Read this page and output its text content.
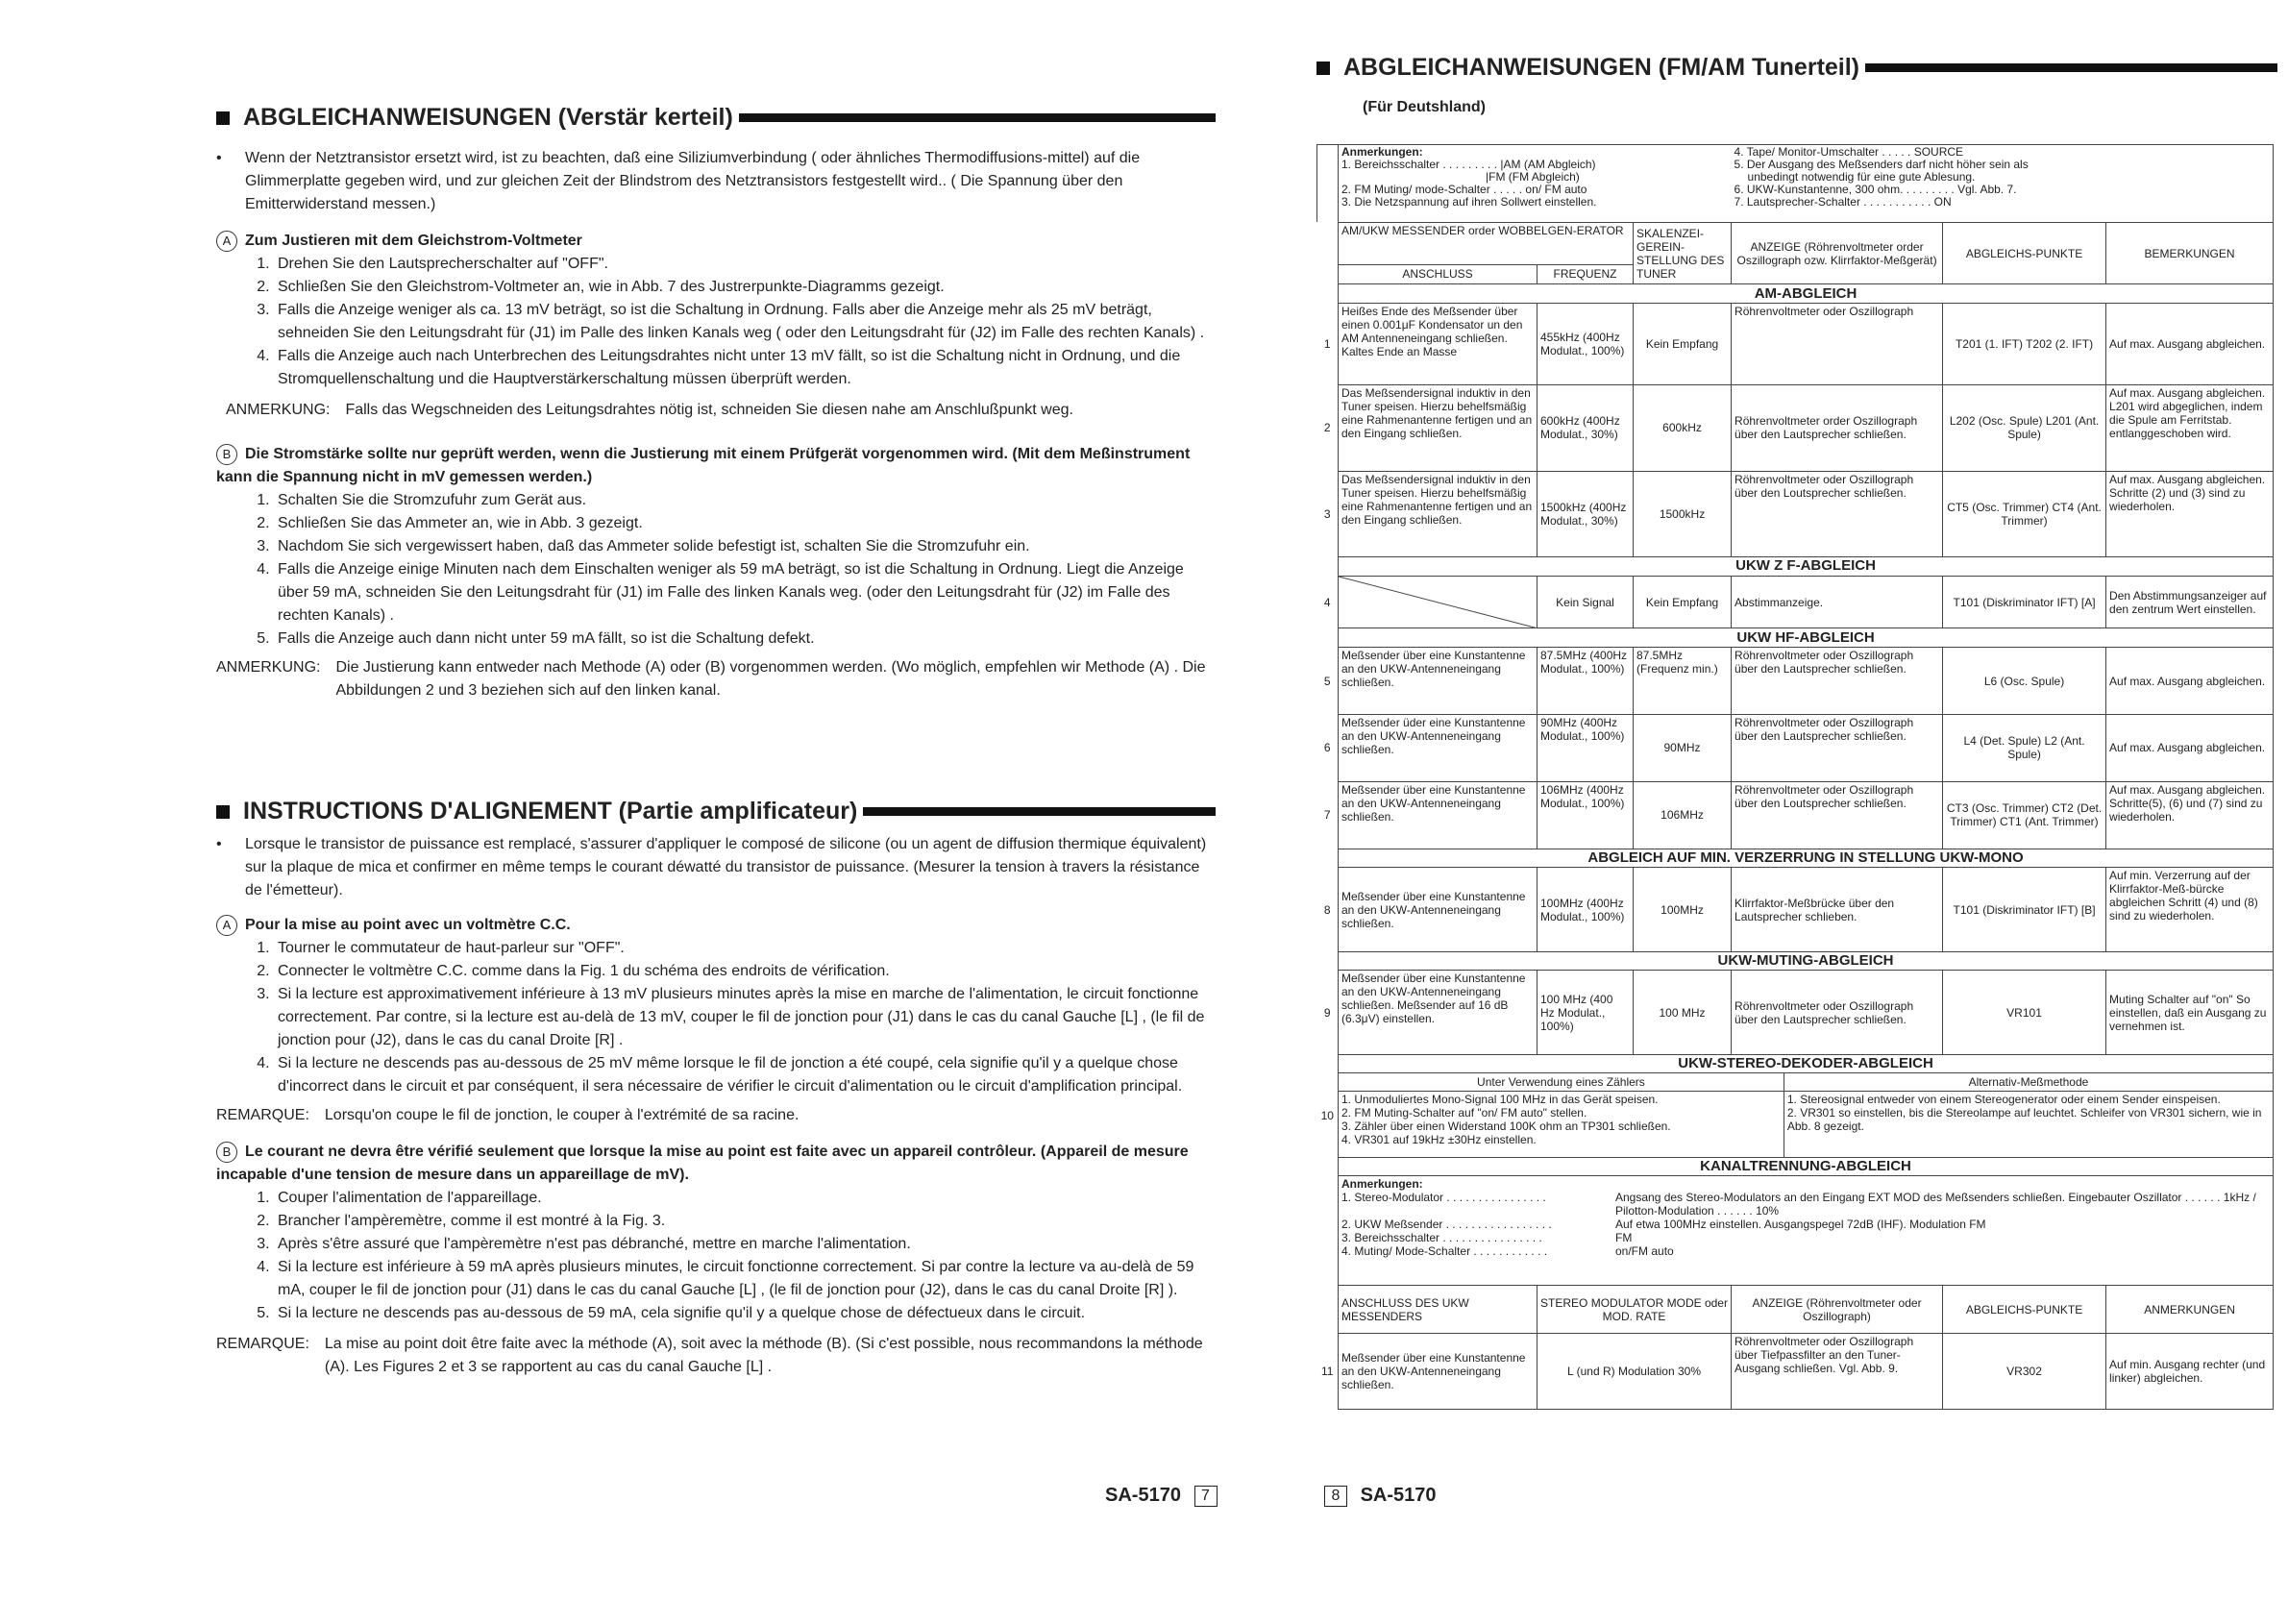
ABGLEICHANWEISUNGEN (Verstär kerteil)
• Wenn der Netztransistor ersetzt wird, ist zu beachten, daß eine Siliziumverbindung ( oder ähnliches Thermodiffusions-mittel) auf die Glimmerplatte gegeben wird, und zur gleichen Zeit der Blindstrom des Netztransistors festgestellt wird.. ( Die Spannung über den Emitterwiderstand messen.)
A Zum Justieren mit dem Gleichstrom-Voltmeter
1. Drehen Sie den Lautsprecherschalter auf "OFF".
2. Schließen Sie den Gleichstrom-Voltmeter an, wie in Abb. 7 des Justrerpunkte-Diagramms gezeigt.
3. Falls die Anzeige weniger als ca. 13 mV beträgt, so ist die Schaltung in Ordnung. Falls aber die Anzeige mehr als 25 mV beträgt, sehneiden Sie den Leitungsdraht für (J1) im Palle des linken Kanals weg ( oder den Leitungsdraht für (J2) im Falle des rechten Kanals) .
4. Falls die Anzeige auch nach Unterbrechen des Leitungsdrahtes nicht unter 13 mV fällt, so ist die Schaltung nicht in Ordnung, und die Stromquellenschaltung und die Hauptverstärkerschaltung müssen überprüft werden.
ANMERKUNG: Falls das Wegschneiden des Leitungsdrahtes nötig ist, schneiden Sie diesen nahe am Anschlußpunkt weg.
B Die Stromstärke sollte nur geprüft werden, wenn die Justierung mit einem Prüfgerät vorgenommen wird. (Mit dem Meßinstrument kann die Spannung nicht in mV gemessen werden.)
1. Schalten Sie die Stromzufuhr zum Gerät aus.
2. Schließen Sie das Ammeter an, wie in Abb. 3 gezeigt.
3. Nachdom Sie sich vergewissert haben, daß das Ammeter solide befestigt ist, schalten Sie die Stromzufuhr ein.
4. Falls die Anzeige einige Minuten nach dem Einschalten weniger als 59 mA beträgt, so ist die Schaltung in Ordnung. Liegt die Anzeige über 59 mA, schneiden Sie den Leitungsdraht für (J1) im Falle des linken Kanals weg. (oder den Leitungsdraht für (J2) im Falle des rechten Kanals) .
5. Falls die Anzeige auch dann nicht unter 59 mA fällt, so ist die Schaltung defekt.
ANMERKUNG: Die Justierung kann entweder nach Methode (A) oder (B) vorgenommen werden. (Wo möglich, empfehlen wir Methode (A) . Die Abbildungen 2 und 3 beziehen sich auf den linken kanal.
INSTRUCTIONS D'ALIGNEMENT (Partie amplificateur)
• Lorsque le transistor de puissance est remplacé, s'assurer d'appliquer le composé de silicone (ou un agent de diffusion thermique équivalent) sur la plaque de mica et confirmer en même temps le courant déwatté du transistor de puissance. (Mesurer la tension à travers la résistance de l'émetteur).
A Pour la mise au point avec un voltmètre C.C.
1. Tourner le commutateur de haut-parleur sur "OFF".
2. Connecter le voltmètre C.C. comme dans la Fig. 1 du schéma des endroits de vérification.
3. Si la lecture est approximativement inférieure à 13 mV plusieurs minutes après la mise en marche de l'alimentation, le circuit fonctionne correctement. Par contre, si la lecture est au-delà de 13 mV, couper le fil de jonction pour (J1) dans le cas du canal Gauche [L] , (le fil de jonction pour (J2), dans le cas du canal Droite [R] .
4. Si la lecture ne descends pas au-dessous de 25 mV même lorsque le fil de jonction a été coupé, cela signifie qu'il y a quelque chose d'incorrect dans le circuit et par conséquent, il sera nécessaire de vérifier le circuit d'alimentation ou le circuit d'amplification principal.
REMARQUE: Lorsqu'on coupe le fil de jonction, le couper à l'extrémité de sa racine.
B Le courant ne devra être vérifié seulement que lorsque la mise au point est faite avec un appareil contrôleur. (Appareil de mesure incapable d'une tension de mesure dans un appareillage de mV).
1. Couper l'alimentation de l'appareillage.
2. Brancher l'ampèremètre, comme il est montré à la Fig. 3.
3. Après s'être assuré que l'ampèremètre n'est pas débranché, mettre en marche l'alimentation.
4. Si la lecture est inférieure à 59 mA après plusieurs minutes, le circuit fonctionne correctement. Si par contre la lecture va au-delà de 59 mA, couper le fil de jonction pour (J1) dans le cas du canal Gauche [L] , (le fil de jonction pour (J2), dans le cas du canal Droite [R] ).
5. Si la lecture ne descends pas au-dessous de 59 mA, cela signifie qu'il y a quelque chose de défectueux dans le circuit.
REMARQUE: La mise au point doit être faite avec la méthode (A), soit avec la méthode (B). (Si c'est possible, nous recommandons la méthode (A). Les Figures 2 et 3 se rapportent au cas du canal Gauche [L] .
SA-5170 7
ABGLEICHANWEISUNGEN (FM/AM Tunerteil)
(Für Deutshland)
	Anmerkungen:
1. Bereichsschalter . . . . . . . . . |AM (AM Abgleich)
|FM (FM Abgleich)
2. FM Muting/ mode-Schalter . . . . . on/ FM auto
3. Die Netzspannung auf ihren Sollwert einstellen.	4. Tape/ Monitor-Umschalter . . . . . SOURCE
5. Der Ausgang des Meßsenders darf nicht höher sein als
unbedingt notwendig für eine gute Ablesung.
6. UKW-Kunstantenne, 300 ohm. . . . . . . . . Vgl. Abb. 7.
7. Lautsprecher-Schalter . . . . . . . . . . . ON
	AM/UKW MESSENDER order WOBBELGEN-ERATOR	SKALENZEI-GEREIN-STELLUNG DES TUNER	ANZEIGE (Röhrenvoltmeter order Oszillograph ozw. Klirrfaktor-Meßgerät)	ABGLEICHS-PUNKTE	BEMERKUNGEN
ANSCHLUSS	FREQUENZ
	AM-ABGLEICH
1	Heißes Ende des Meßsender über einen 0.001μF Kondensator un den AM Antenneneingang schließen. Kaltes Ende an Masse	455kHz (400Hz Modulat., 100%)	Kein Empfang	Röhrenvoltmeter oder Oszillograph	T201 (1. IFT) T202 (2. IFT)	Auf max. Ausgang abgleichen.
2	Das Meßsendersignal induktiv in den Tuner speisen. Hierzu behelfsmäßig eine Rahmenantenne fertigen und an den Eingang schließen.	600kHz (400Hz Modulat., 30%)	600kHz	Röhrenvoltmeter order Oszillograph über den Lautsprecher schließen.	L202 (Osc. Spule) L201 (Ant. Spule)	Auf max. Ausgang abgleichen. L201 wird abgeglichen, indem die Spule am Ferritstab. entlanggeschoben wird.
3	Das Meßsendersignal induktiv in den Tuner speisen. Hierzu behelfsmäßig eine Rahmenantenne fertigen und an den Eingang schließen.	1500kHz (400Hz Modulat., 30%)	1500kHz	Röhrenvoltmeter oder Oszillograph über den Loutsprecher schließen.	CT5 (Osc. Trimmer) CT4 (Ant. Trimmer)	Auf max. Ausgang abgleichen. Schritte (2) und (3) sind zu wiederholen.
	UKW Z F-ABGLEICH
4		Kein Signal	Kein Empfang	Abstimmanzeige.	T101 (Diskriminator IFT) [A]	Den Abstimmungsanzeiger auf den zentrum Wert einstellen.
	UKW HF-ABGLEICH
5	Meßsender über eine Kunstantenne an den UKW-Antenneneingang schließen.	87.5MHz (400Hz Modulat., 100%)	87.5MHz (Frequenz min.)	Röhrenvoltmeter oder Oszillograph über den Lautsprecher schließen.	L6 (Osc. Spule)	Auf max. Ausgang abgleichen.
6	Meßsender üder eine Kunstantenne an den UKW-Antenneneingang schließen.	90MHz (400Hz Modulat., 100%)	90MHz	Röhrenvoltmeter oder Oszillograph über den Lautsprecher schließen.	L4 (Det. Spule) L2 (Ant. Spule)	Auf max. Ausgang abgleichen.
7	Meßsender über eine Kunstantenne an den UKW-Antenneneingang schließen.	106MHz (400Hz Modulat., 100%)	106MHz	Röhrenvoltmeter oder Oszillograph über den Loutsprecher schließen.	CT3 (Osc. Trimmer) CT2 (Det. Trimmer) CT1 (Ant. Trimmer)	Auf max. Ausgang abgleichen. Schritte(5), (6) und (7) sind zu wiederholen.
	ABGLEICH AUF MIN. VERZERRUNG IN STELLUNG UKW-MONO
8	Meßsender über eine Kunstantenne an den UKW-Antenneneingang schließen.	100MHz (400Hz Modulat., 100%)	100MHz	Klirrfaktor-Meßbrücke über den Lautsprecher schlieben.	T101 (Diskriminator IFT) [B]	Auf min. Verzerrung auf der Klirrfaktor-Meß-bürcke abgleichen Schritt (4) und (8) sind zu wiederholen.
	UKW-MUTING-ABGLEICH
9	Meßsender über eine Kunstantenne an den UKW-Antenneneingang schließen. Meßsender auf 16 dB (6.3μV) einstellen.	100 MHz (400 Hz Modulat., 100%)	100 MHz	Röhrenvoltmeter oder Oszillograph über den Lautsprecher schließen.	VR101	Muting Schalter auf "on" So einstellen, daß ein Ausgang zu vernehmen ist.
	UKW-STEREO-DEKODER-ABGLEICH
10	
Unter Verwendung eines Zählers	Alternativ-Meßmethode
1. Unmoduliertes Mono-Signal 100 MHz in das Gerät speisen.
2. FM Muting-Schalter auf "on/ FM auto" stellen.
3. Zähler über einen Widerstand 100K ohm an TP301 schließen.
4. VR301 auf 19kHz ±30Hz einstellen.	1. Stereosignal entweder von einem Stereogenerator oder einem Sender einspeisen.
2. VR301 so einstellen, bis die Stereolampe auf leuchtet. Schleifer von VR301 sichern, wie in Abb. 8 gezeigt.

	KANALTRENNUNG-ABGLEICH
	Anmerkungen:
1. Stereo-Modulator . . . . . . . . . . . . . . . .	Angsang des Stereo-Modulators an den Eingang EXT MOD des Meßsenders schließen. Eingebauter Oszillator . . . . . . 1kHz / Pilotton-Modulation . . . . . . 10%
2. UKW Meßsender . . . . . . . . . . . . . . . . .	Auf etwa 100MHz einstellen. Ausgangspegel 72dB (IHF). Modulation FM
3. Bereichsschalter . . . . . . . . . . . . . . . .	FM
4. Muting/ Mode-Schalter . . . . . . . . . . . .	on/FM auto

	ANSCHLUSS DES UKW MESSENDERS	STEREO MODULATOR MODE oder MOD. RATE	ANZEIGE (Röhrenvoltmeter oder Oszillograph)	ABGLEICHS-PUNKTE	ANMERKUNGEN
11	Meßsender über eine Kunstantenne an den UKW-Antenneneingang schließen.	L (und R) Modulation 30%	Röhrenvoltmeter oder Oszillograph über Tiefpassfilter an den Tuner-Ausgang schließen. Vgl. Abb. 9.	VR302	Auf min. Ausgang rechter (und linker) abgleichen.
8 SA-5170
